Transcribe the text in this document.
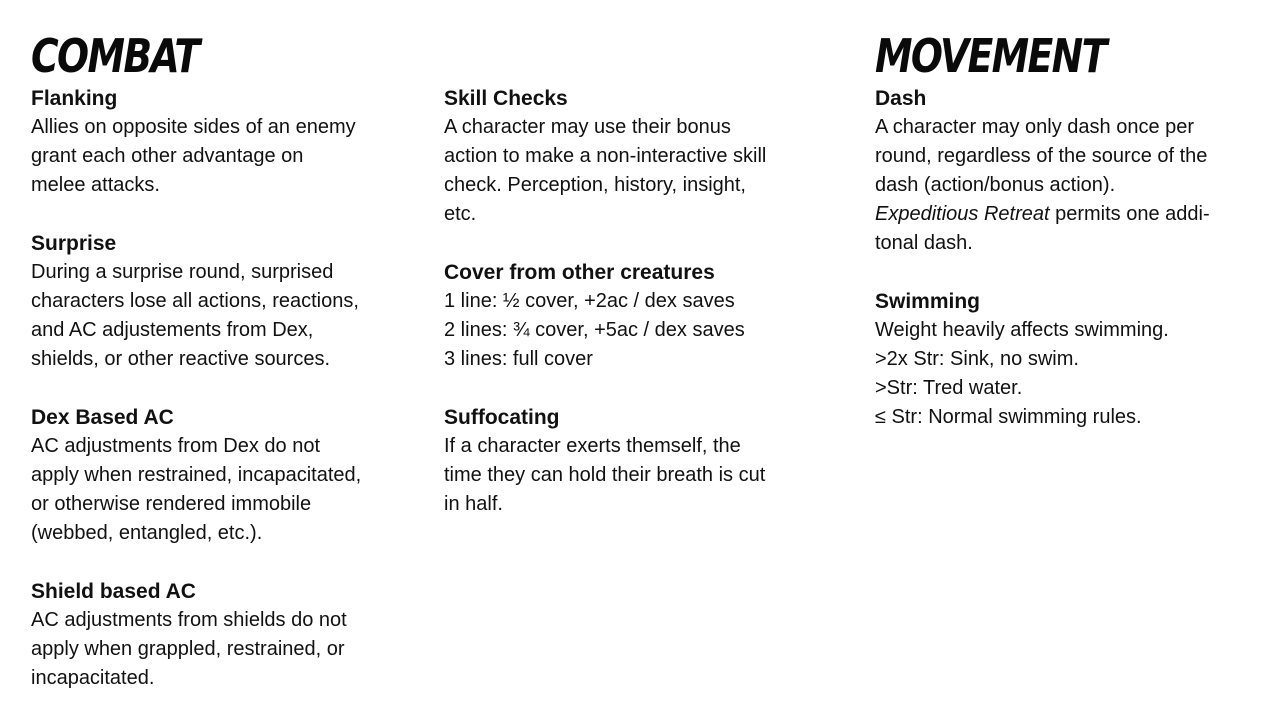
COMBAT

Flanking

Allies on opposite sides of an enemy

grant each other advantage on

melee attacks.

Surprise

During a surprise round, surprised

characters lose all actions, reactions,

and AC adjustements from Dex,

shields, or other reactive sources.

Dex Based AC

AC adjustments from Dex do not

apply when restrained, incapacitated,

or otherwise rendered immobile

(webbed, entangled, etc.).

Shield based AC

AC adjustments from shields do not

apply when grappled, restrained, or

incapacitated.

Skill Checks

A character may use their bonus

action to make a non-interactive skill

check. Perception, history, insight,

etc.

Cover from other creatures

1 line: ½ cover, +2ac / dex saves

2 lines: ¾ cover, +5ac / dex saves

3 lines: full cover

Suffocating

If a character exerts themself, the

time they can hold their breath is cut

in half.

MOVEMENT

Dash

A character may only dash once per

round, regardless of the source of the

dash (action/bonus action).

Expeditious Retreat permits one addi-

tonal dash.

Swimming

Weight heavily affects swimming.

>2x Str: Sink, no swim.

>Str: Tred water.

≤ Str: Normal swimming rules.
